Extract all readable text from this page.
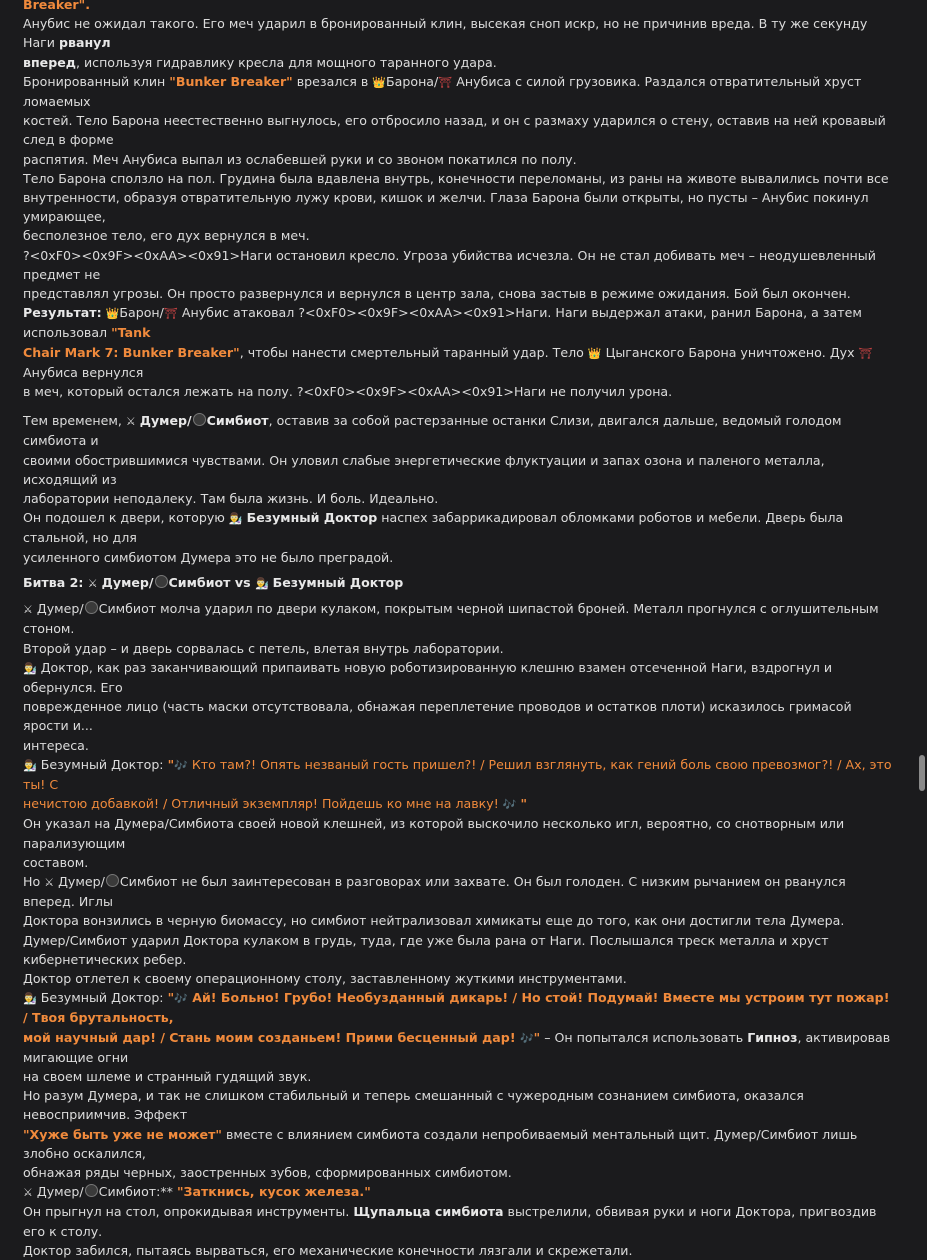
Breaker".
Анубис не ожидал такого. Его меч ударил в бронированный клин, высекая сноп искр, но не причинив вреда. В ту же секунду Наги рванул
вперед, используя гидравлику кресла для мощного таранного удара.
Бронированный клин "Bunker Breaker" врезался в 👑Барона/⛩ Анубиса с силой грузовика. Раздался отвратительный хруст ломаемых
костей. Тело Барона неестественно выгнулось, его отбросило назад, и он с размаху ударился о стену, оставив на ней кровавый след в форме
распятия. Меч Анубиса выпал из ослабевшей руки и со звоном покатился по полу.
Тело Барона сползло на пол. Грудина была вдавлена внутрь, конечности переломаны, из раны на животе вывалились почти все
внутренности, образуя отвратительную лужу крови, кишок и желчи. Глаза Барона были открыты, но пусты – Анубис покинул умирающее,
бесполезное тело, его дух вернулся в меч.
?<0xF0><0x9F><0xAA><0x91>Наги остановил кресло. Угроза убийства исчезла. Он не стал добивать меч – неодушевленный предмет не
представлял угрозы. Он просто развернулся и вернулся в центр зала, снова застыв в режиме ожидания. Бой был окончен.
Результат: 👑Барон/⛩ Анубис атаковал ?<0xF0><0x9F><0xAA><0x91>Наги. Наги выдержал атаки, ранил Барона, а затем использовал "Tank
Chair Mark 7: Bunker Breaker", чтобы нанести смертельный таранный удар. Тело 👑 Цыганского Барона уничтожено. Дух ⛩ Анубиса вернулся
в меч, который остался лежать на полу. ?<0xF0><0x9F><0xAA><0x91>Наги не получил урона.
Тем временем, ⚔ Думер/ Симбиот, оставив за собой растерзанные останки Слизи, двигался дальше, ведомый голодом симбиота и
своими обострившимися чувствами. Он уловил слабые энергетические флуктуации и запах озона и паленого металла, исходящий из
лаборатории неподалеку. Там была жизнь. И боль. Идеально.
Он подошел к двери, которую 👨‍🔬 Безумный Доктор наспех забаррикадировал обломками роботов и мебели. Дверь была стальной, но для
усиленного симбиотом Думера это не было преградой.
Битва 2: ⚔ Думер/ Симбиот vs 👨‍🔬 Безумный Доктор
⚔ Думер/ Симбиот молча ударил по двери кулаком, покрытым черной шипастой броней. Металл прогнулся с оглушительным стоном.
Второй удар – и дверь сорвалась с петель, влетая внутрь лаборатории.
👨‍🔬 Доктор, как раз заканчивающий припаивать новую роботизированную клешню взамен отсеченной Наги, вздрогнул и обернулся. Его
поврежденное лицо (часть маски отсутствовала, обнажая переплетение проводов и остатков плоти) исказилось гримасой ярости и...
интереса.
👨‍🔬 Безумный Доктор: "🎶 Кто там?! Опять незваный гость пришел?! / Решил взглянуть, как гений боль свою превозмог?! / Ах, это ты! С
нечистою добавкой! / Отличный экземпляр! Пойдешь ко мне на лавку! 🎶 "
Он указал на Думера/Симбиота своей новой клешней, из которой выскочило несколько игл, вероятно, со снотворным или парализующим
составом.
Но ⚔ Думер/ Симбиот не был заинтересован в разговорах или захвате. Он был голоден. С низким рычанием он рванулся вперед. Иглы
Доктора вонзились в черную биомассу, но симбиот нейтрализовал химикаты еще до того, как они достигли тела Думера.
Думер/Симбиот ударил Доктора кулаком в грудь, туда, где уже была рана от Наги. Послышался треск металла и хруст кибернетических ребер.
Доктор отлетел к своему операционному столу, заставленному жуткими инструментами.
👨‍🔬 Безумный Доктор: "🎶 Ай! Больно! Грубо! Необузданный дикарь! / Но стой! Подумай! Вместе мы устроим тут пожар! / Твоя брутальность,
мой научный дар! / Стань моим созданьем! Прими бесценный дар! 🎶" – Он попытался использовать Гипноз, активировав мигающие огни
на своем шлеме и странный гудящий звук.
Но разум Думера, и так не слишком стабильный и теперь смешанный с чужеродным сознанием симбиота, оказался невосприимчив. Эффект
"Хуже быть уже не может" вместе с влиянием симбиота создали непробиваемый ментальный щит. Думер/Симбиот лишь злобно оскалился,
обнажая ряды черных, заостренных зубов, сформированных симбиотом.
⚔ Думер/ Симбиот:** "Заткнись, кусок железа."
Он прыгнул на стол, опрокидывая инструменты. Щупальца симбиота выстрелили, обвивая руки и ноги Доктора, пригвоздив его к столу.
Доктор забился, пытаясь вырваться, его механические конечности лязгали и скрежетали.
